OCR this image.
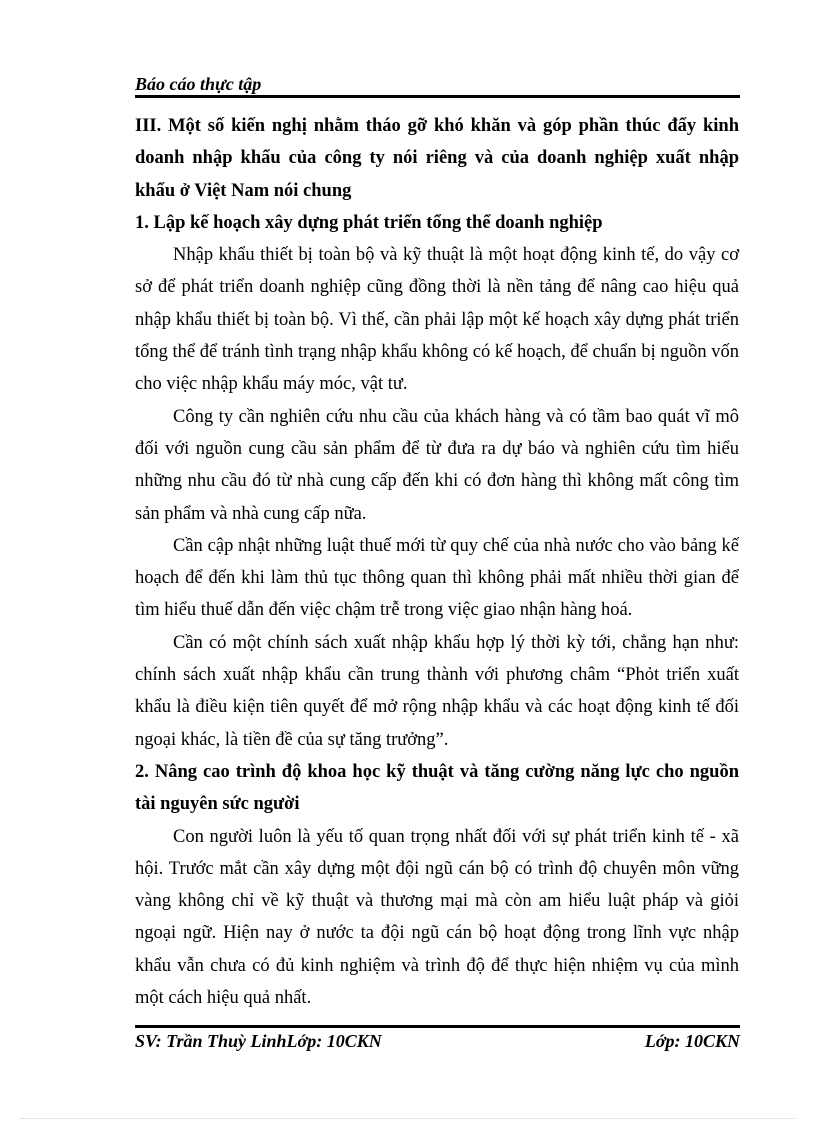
Báo cáo thực tập

III. Một số kiến nghị nhằm tháo gỡ khó khăn và góp phần thúc đẩy kinh doanh nhập khẩu của công ty nói riêng và của doanh nghiệp xuất nhập khẩu ở Việt Nam nói chung

1. Lập kế hoạch xây dựng phát triển tổng thể doanh nghiệp

Nhập khẩu thiết bị toàn bộ và kỹ thuật là một hoạt động kinh tế, do vậy cơ sở để phát triển doanh nghiệp cũng đồng thời là nền tảng để nâng cao hiệu quả nhập khẩu thiết bị toàn bộ. Vì thế, cần phải lập một kế hoạch xây dựng phát triển tổng thể để tránh tình trạng nhập khẩu không có kế hoạch, để chuẩn bị nguồn vốn cho việc nhập khẩu máy móc, vật tư.

Công ty cần nghiên cứu nhu cầu của khách hàng và có tầm bao quát vĩ mô đối với nguồn cung cầu sản phẩm để từ đưa ra dự báo và nghiên cứu tìm hiểu những nhu cầu đó từ nhà cung cấp đến khi có đơn hàng thì không mất công tìm sản phẩm và nhà cung cấp nữa.

Cần cập nhật những luật thuế mới từ quy chế của nhà nước cho vào bảng kế hoạch để đến khi làm thủ tục thông quan thì không phải mất nhiều thời gian để tìm hiểu thuế dẫn đến việc chậm trễ trong việc giao nhận hàng hoá.

Cần có một chính sách xuất nhập khẩu hợp lý thời kỳ tới, chẳng hạn như: chính sách xuất nhập khẩu cần trung thành với phương châm “Phỏt triển xuất khẩu là điều kiện tiên quyết để mở rộng nhập khẩu và các hoạt động kinh tế đối ngoại khác, là tiền đề của sự tăng trưởng”.

2. Nâng cao trình độ khoa học kỹ thuật và tăng cường năng lực cho nguồn tài nguyên sức người

Con người luôn là yếu tố quan trọng nhất đối với sự phát triển kinh tế - xã hội. Trước mắt cần xây dựng một đội ngũ cán bộ có trình độ chuyên môn vững vàng không chỉ về kỹ thuật và thương mại mà còn am hiểu luật pháp và giỏi ngoại ngữ. Hiện nay ở nước ta đội ngũ cán bộ hoạt động trong lĩnh vực nhập khẩu vẫn chưa có đủ kinh nghiệm và trình độ để thực hiện nhiệm vụ của mình một cách hiệu quả nhất.

SV: Trần Thuỳ LinhLớp: 10CKN	Lớp: 10CKN
